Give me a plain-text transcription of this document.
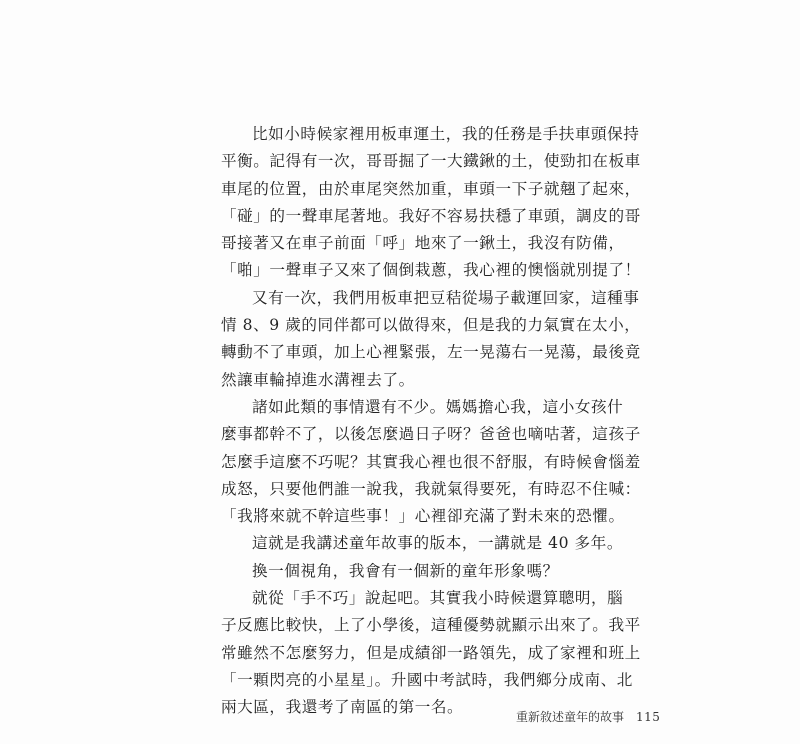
比如小時候家裡用板車運土，我的任務是手扶車頭保持
平衡。記得有一次，哥哥掘了一大鐵鍬的土，使勁扣在板車
車尾的位置，由於車尾突然加重，車頭一下子就翹了起來，
「碰」的一聲車尾著地。我好不容易扶穩了車頭，調皮的哥
哥接著又在車子前面「呼」地來了一鍬土，我沒有防備，
「啪」一聲車子又來了個倒栽蔥，我心裡的懊惱就別提了！
又有一次，我們用板車把豆秸從場子載運回家，這種事
情 8、9 歲的同伴都可以做得來，但是我的力氣實在太小，
轉動不了車頭，加上心裡緊張，左一晃蕩右一晃蕩，最後竟
然讓車輪掉進水溝裡去了。
諸如此類的事情還有不少。媽媽擔心我，這小女孩什
麼事都幹不了，以後怎麼過日子呀？爸爸也嘀咕著，這孩子
怎麼手這麼不巧呢？其實我心裡也很不舒服，有時候會惱羞
成怒，只要他們誰一說我，我就氣得要死，有時忍不住喊：
「我將來就不幹這些事！」心裡卻充滿了對未來的恐懼。
這就是我講述童年故事的版本，一講就是 40 多年。
換一個視角，我會有一個新的童年形象嗎？
就從「手不巧」說起吧。其實我小時候還算聰明，腦
子反應比較快，上了小學後，這種優勢就顯示出來了。我平
常雖然不怎麼努力，但是成績卻一路領先，成了家裡和班上
「一顆閃亮的小星星」。升國中考試時，我們鄉分成南、北
兩大區，我還考了南區的第一名。
重新敘述童年的故事 115
